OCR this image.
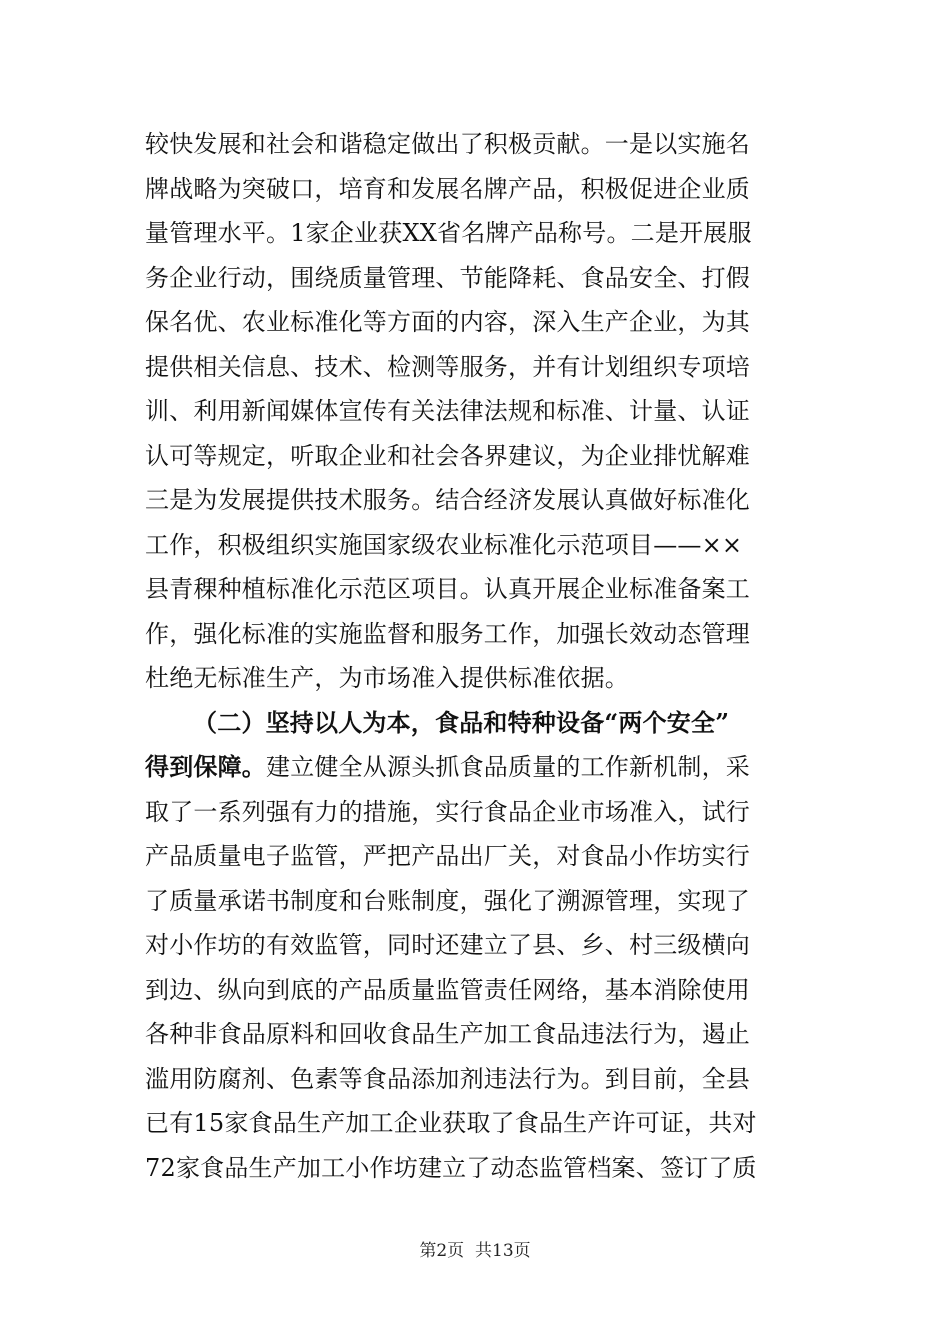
较快发展和社会和谐稳定做出了积极贡献。一是以实施名
牌战略为突破口，培育和发展名牌产品，积极促进企业质
量管理水平。1家企业获XX省名牌产品称号。二是开展服
务企业行动，围绕质量管理、节能降耗、食品安全、打假
保名优、农业标准化等方面的内容，深入生产企业，为其
提供相关信息、技术、检测等服务，并有计划组织专项培
训、利用新闻媒体宣传有关法律法规和标准、计量、认证
认可等规定，听取企业和社会各界建议，为企业排忧解难
三是为发展提供技术服务。结合经济发展认真做好标准化
工作，积极组织实施国家级农业标准化示范项目——××
县青稞种植标准化示范区项目。认真开展企业标准备案工
作，强化标准的实施监督和服务工作，加强长效动态管理
杜绝无标准生产，为市场准入提供标准依据。
（二）坚持以人为本，食品和特种设备“两个安全”
得到保障。建立健全从源头抓食品质量的工作新机制，采
取了一系列强有力的措施，实行食品企业市场准入，试行
产品质量电子监管，严把产品出厂关，对食品小作坊实行
了质量承诺书制度和台账制度，强化了溯源管理，实现了
对小作坊的有效监管，同时还建立了县、乡、村三级横向
到边、纵向到底的产品质量监管责任网络，基本消除使用
各种非食品原料和回收食品生产加工食品违法行为，遏止
滥用防腐剂、色素等食品添加剂违法行为。到目前，全县
已有15家食品生产加工企业获取了食品生产许可证，共对
72家食品生产加工小作坊建立了动态监管档案、签订了质
第2页 共13页
